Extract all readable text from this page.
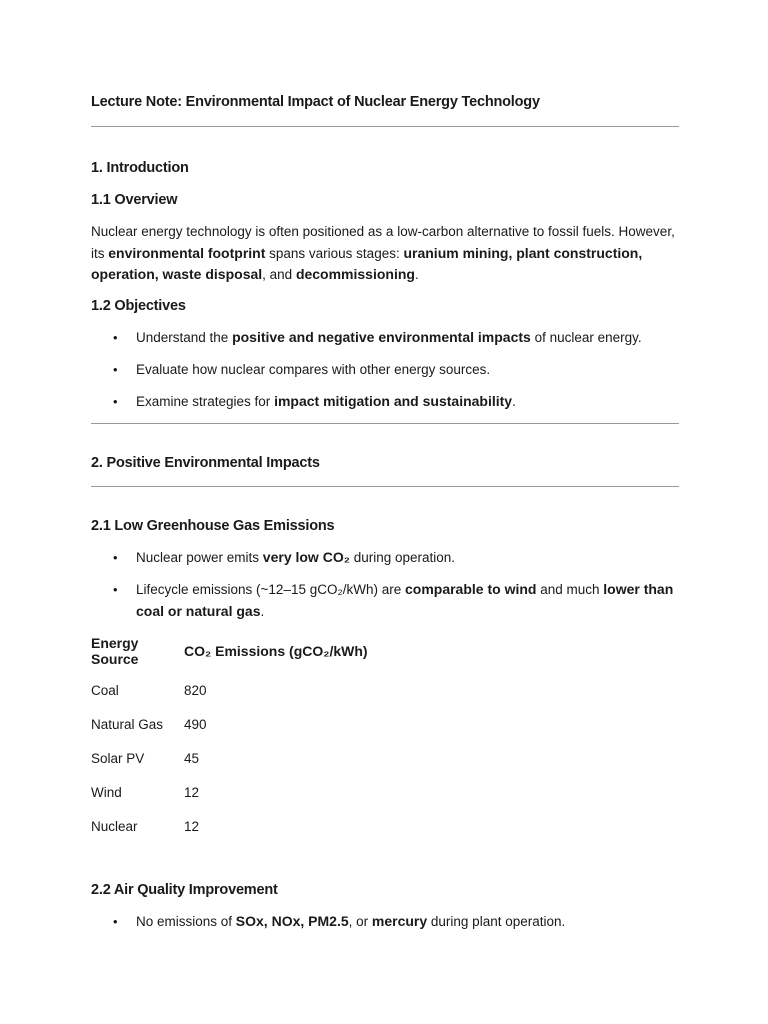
Lecture Note: Environmental Impact of Nuclear Energy Technology
1. Introduction
1.1 Overview

Nuclear energy technology is often positioned as a low-carbon alternative to fossil fuels. However, its environmental footprint spans various stages: uranium mining, plant construction, operation, waste disposal, and decommissioning.

1.2 Objectives
• Understand the positive and negative environmental impacts of nuclear energy.
• Evaluate how nuclear compares with other energy sources.
• Examine strategies for impact mitigation and sustainability.
2. Positive Environmental Impacts
2.1 Low Greenhouse Gas Emissions
• Nuclear power emits very low CO₂ during operation.
• Lifecycle emissions (~12–15 gCO₂/kWh) are comparable to wind and much lower than coal or natural gas.
Energy Source	CO₂ Emissions (gCO₂/kWh)

Coal	820
Natural Gas	490
Solar PV	45
Wind	12
Nuclear	12
2.2 Air Quality Improvement
• No emissions of SOx, NOx, PM2.5, or mercury during plant operation.
